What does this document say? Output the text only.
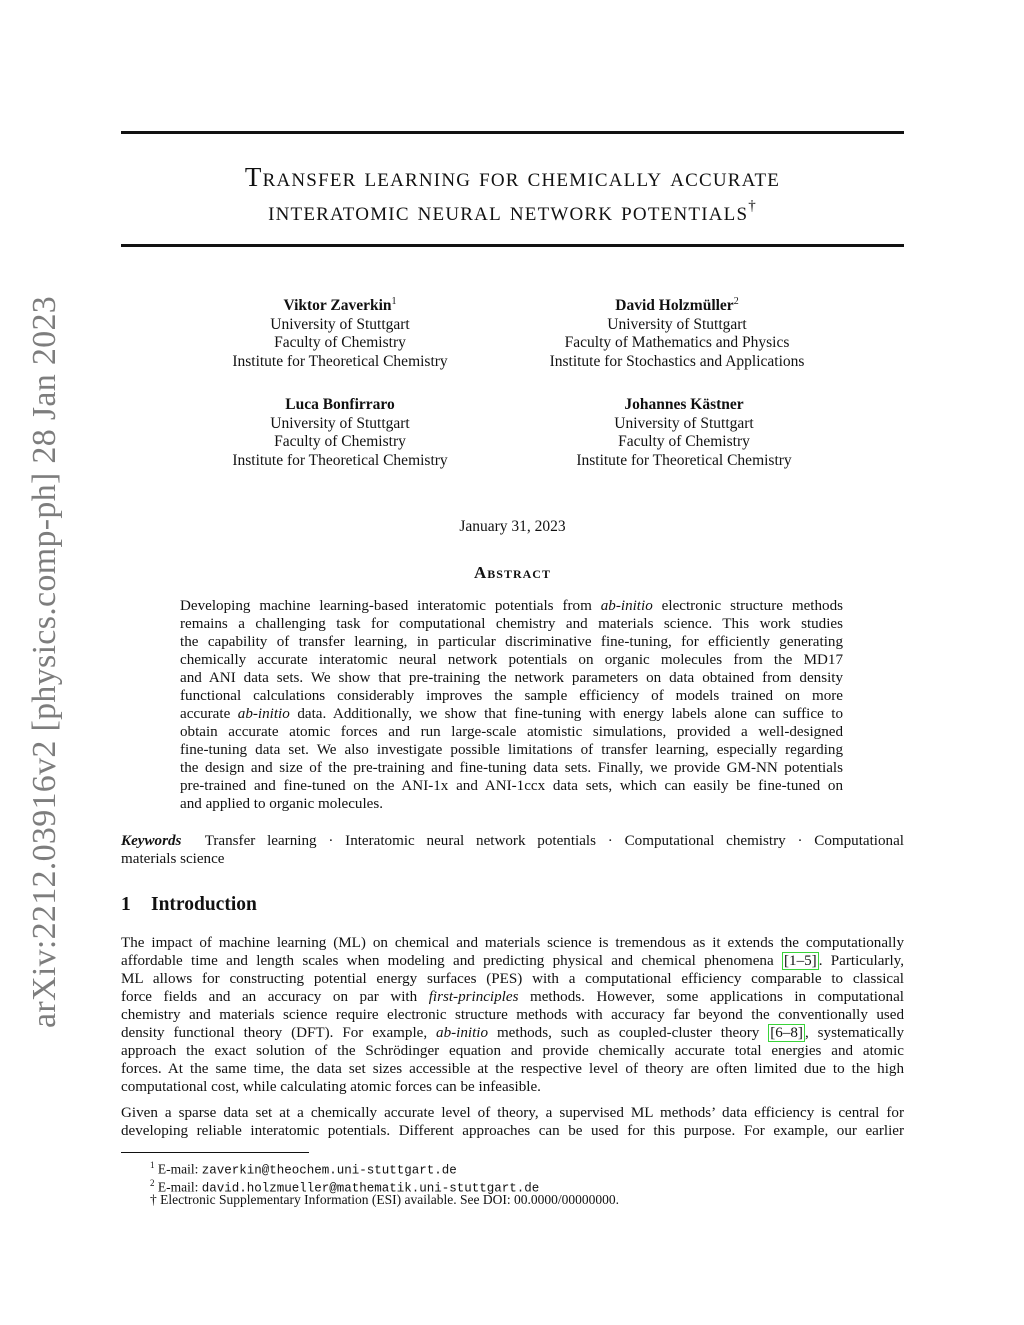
arXiv:2212.03916v2 [physics.comp-ph] 28 Jan 2023
Transfer learning for chemically accurate
interatomic neural network potentials†
Viktor Zaverkin$^1$
University of Stuttgart
Faculty of Chemistry
Institute for Theoretical Chemistry
David Holzmüller$^2$
University of Stuttgart
Faculty of Mathematics and Physics
Institute for Stochastics and Applications
Luca Bonfirraro
University of Stuttgart
Faculty of Chemistry
Institute for Theoretical Chemistry
Johannes Kästner
University of Stuttgart
Faculty of Chemistry
Institute for Theoretical Chemistry
January 31, 2023
Abstract
Developing machine learning-based interatomic potentials from ab-initio electronic structure methods
remains a challenging task for computational chemistry and materials science. This work studies
the capability of transfer learning, in particular discriminative fine-tuning, for efficiently generating
chemically accurate interatomic neural network potentials on organic molecules from the MD17
and ANI data sets. We show that pre-training the network parameters on data obtained from density
functional calculations considerably improves the sample efficiency of models trained on more
accurate ab-initio data. Additionally, we show that fine-tuning with energy labels alone can suffice to
obtain accurate atomic forces and run large-scale atomistic simulations, provided a well-designed
fine-tuning data set. We also investigate possible limitations of transfer learning, especially regarding
the design and size of the pre-training and fine-tuning data sets. Finally, we provide GM-NN potentials
pre-trained and fine-tuned on the ANI-1x and ANI-1ccx data sets, which can easily be fine-tuned on
and applied to organic molecules.
Keywords Transfer learning · Interatomic neural network potentials · Computational chemistry · Computational
materials science
1 Introduction
The impact of machine learning (ML) on chemical and materials science is tremendous as it extends the computationally
affordable time and length scales when modeling and predicting physical and chemical phenomena [1–5] . Particularly,
ML allows for constructing potential energy surfaces (PES) with a computational efficiency comparable to classical
force fields and an accuracy on par with first-principles methods. However, some applications in computational
chemistry and materials science require electronic structure methods with accuracy far beyond the conventionally used
density functional theory (DFT). For example, ab-initio methods, such as coupled-cluster theory [6–8] , systematically
approach the exact solution of the Schrödinger equation and provide chemically accurate total energies and atomic
forces. At the same time, the data set sizes accessible at the respective level of theory are often limited due to the high
computational cost, while calculating atomic forces can be infeasible.
Given a sparse data set at a chemically accurate level of theory, a supervised ML methods’ data efficiency is central for
developing reliable interatomic potentials. Different approaches can be used for this purpose. For example, our earlier
$^1$ E-mail: zaverkin@theochem.uni-stuttgart.de
$^2$ E-mail: david.holzmueller@mathematik.uni-stuttgart.de
† Electronic Supplementary Information (ESI) available. See DOI: 00.0000/00000000.
